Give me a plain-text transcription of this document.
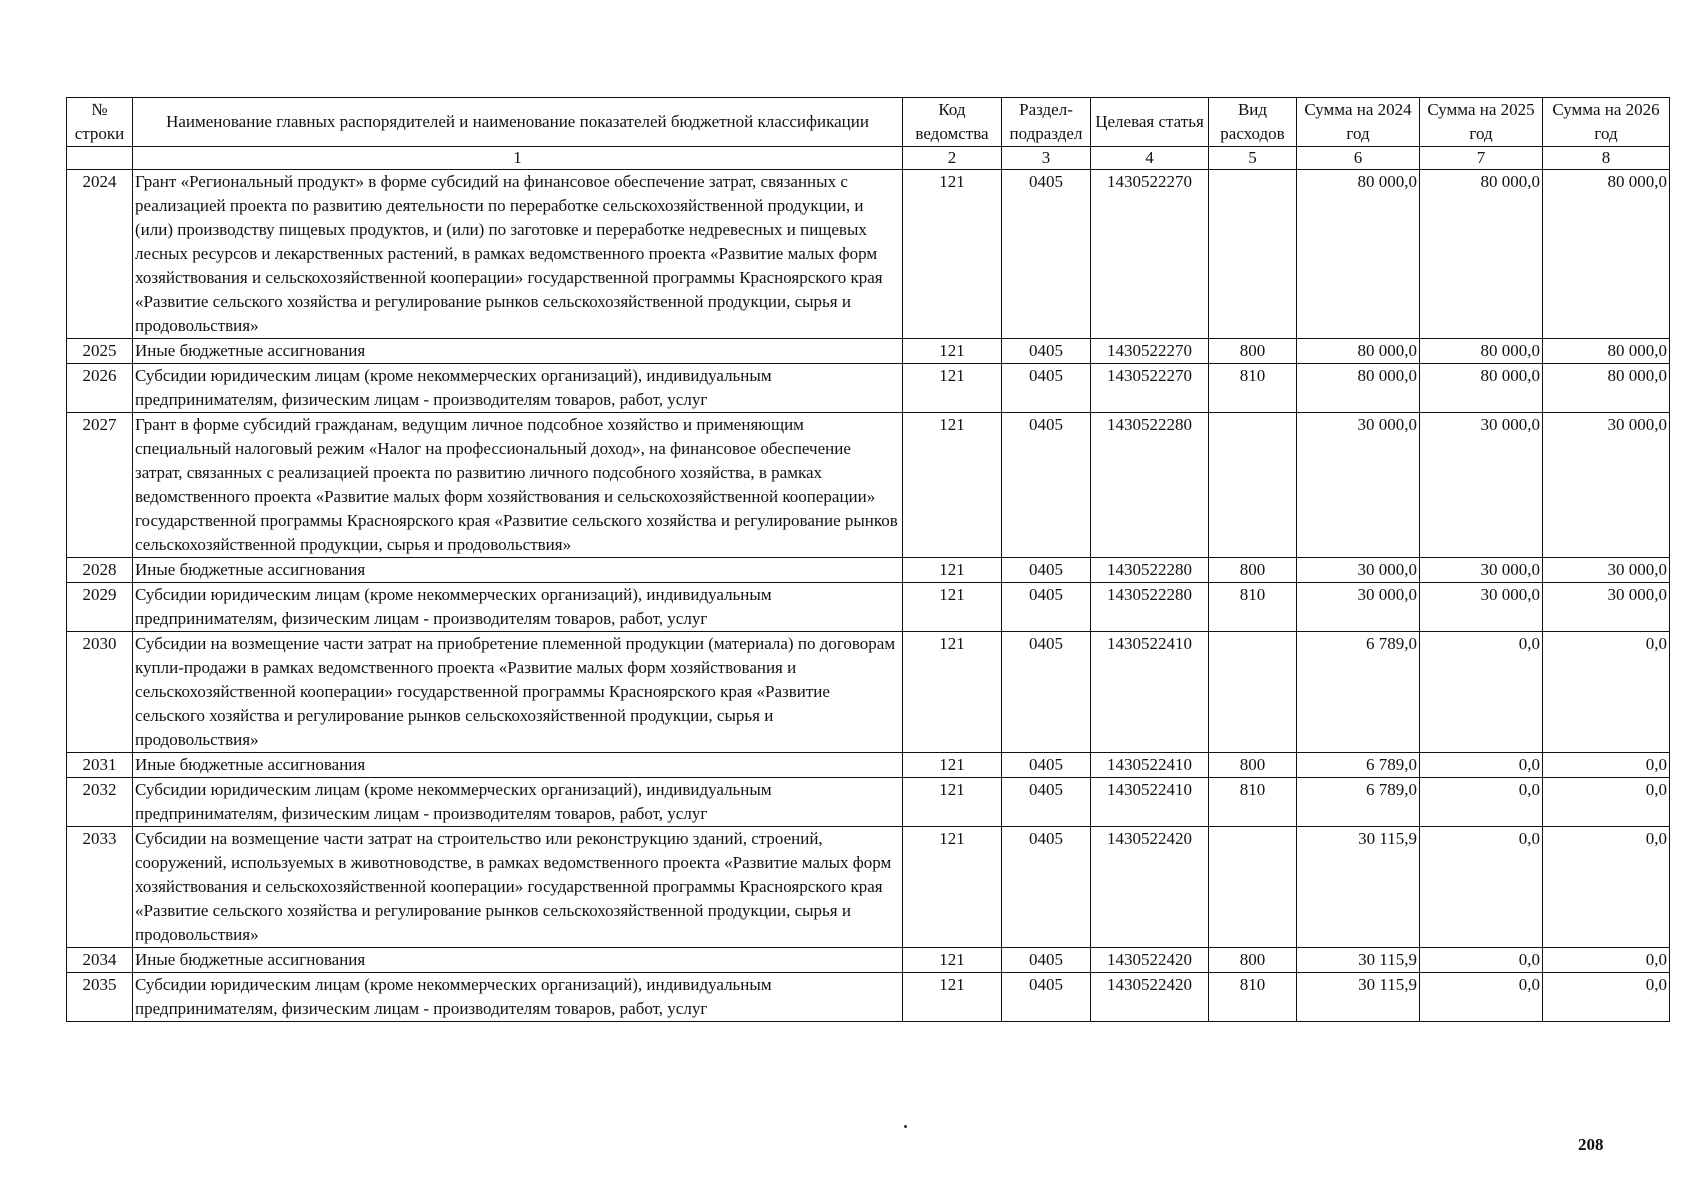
№ строки	Наименование главных распорядителей и наименование показателей бюджетной классификации	Код ведомства	Раздел-подраздел	Целевая статья	Вид расходов	Сумма на 2024 год	Сумма на 2025 год	Сумма на 2026 год
	1	2	3	4	5	6	7	8
2024	Грант «Региональный продукт» в форме субсидий на финансовое обеспечение затрат, связанных с реализацией проекта по развитию деятельности по переработке сельскохозяйственной продукции, и (или) производству пищевых продуктов, и (или) по заготовке и переработке недревесных и пищевых лесных ресурсов и лекарственных растений, в рамках ведомственного проекта «Развитие малых форм хозяйствования и сельскохозяйственной кооперации» государственной программы Красноярского края «Развитие сельского хозяйства и регулирование рынков сельскохозяйственной продукции, сырья и продовольствия»	121	0405	1430522270		80 000,0	80 000,0	80 000,0
2025	Иные бюджетные ассигнования	121	0405	1430522270	800	80 000,0	80 000,0	80 000,0
2026	Субсидии юридическим лицам (кроме некоммерческих организаций), индивидуальным предпринимателям, физическим лицам - производителям товаров, работ, услуг	121	0405	1430522270	810	80 000,0	80 000,0	80 000,0
2027	Грант в форме субсидий гражданам, ведущим личное подсобное хозяйство и применяющим специальный налоговый режим «Налог на профессиональный доход», на финансовое обеспечение затрат, связанных с реализацией проекта по развитию личного подсобного хозяйства, в рамках ведомственного проекта «Развитие малых форм хозяйствования и сельскохозяйственной кооперации» государственной программы Красноярского края «Развитие сельского хозяйства и регулирование рынков сельскохозяйственной продукции, сырья и продовольствия»	121	0405	1430522280		30 000,0	30 000,0	30 000,0
2028	Иные бюджетные ассигнования	121	0405	1430522280	800	30 000,0	30 000,0	30 000,0
2029	Субсидии юридическим лицам (кроме некоммерческих организаций), индивидуальным предпринимателям, физическим лицам - производителям товаров, работ, услуг	121	0405	1430522280	810	30 000,0	30 000,0	30 000,0
2030	Субсидии на возмещение части затрат на приобретение племенной продукции (материала) по договорам купли-продажи в рамках ведомственного проекта «Развитие малых форм хозяйствования и сельскохозяйственной кооперации» государственной программы Красноярского края «Развитие сельского хозяйства и регулирование рынков сельскохозяйственной продукции, сырья и продовольствия»	121	0405	1430522410		6 789,0	0,0	0,0
2031	Иные бюджетные ассигнования	121	0405	1430522410	800	6 789,0	0,0	0,0
2032	Субсидии юридическим лицам (кроме некоммерческих организаций), индивидуальным предпринимателям, физическим лицам - производителям товаров, работ, услуг	121	0405	1430522410	810	6 789,0	0,0	0,0
2033	Субсидии на возмещение части затрат на строительство или реконструкцию зданий, строений, сооружений, используемых в животноводстве, в рамках ведомственного проекта «Развитие малых форм хозяйствования и сельскохозяйственной кооперации» государственной программы Красноярского края «Развитие сельского хозяйства и регулирование рынков сельскохозяйственной продукции, сырья и продовольствия»	121	0405	1430522420		30 115,9	0,0	0,0
2034	Иные бюджетные ассигнования	121	0405	1430522420	800	30 115,9	0,0	0,0
2035	Субсидии юридическим лицам (кроме некоммерческих организаций), индивидуальным предпринимателям, физическим лицам - производителям товаров, работ, услуг	121	0405	1430522420	810	30 115,9	0,0	0,0
208
